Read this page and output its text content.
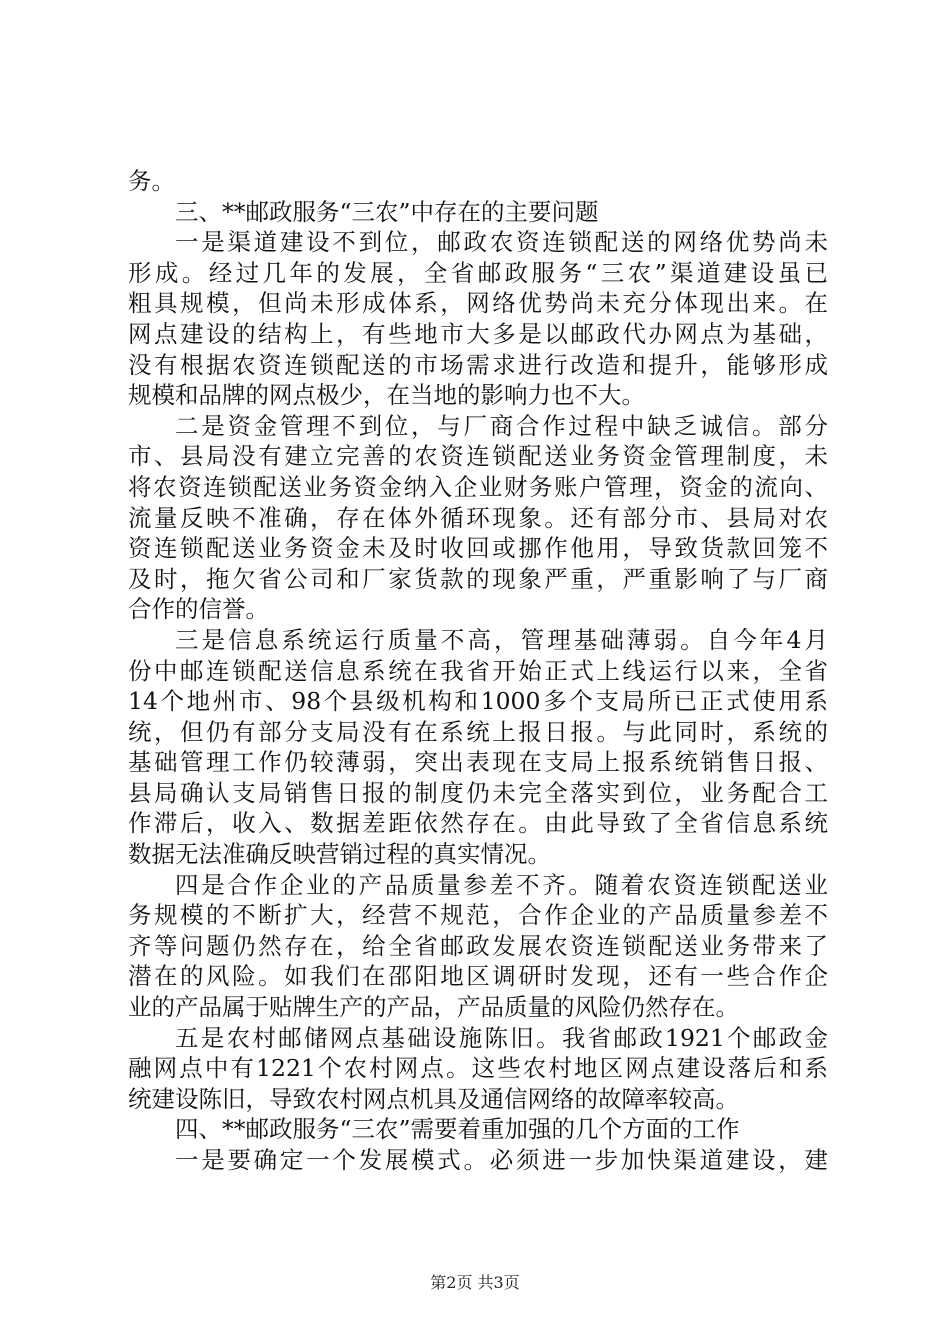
务。
三、**邮政服务“三农”中存在的主要问题
一是渠道建设不到位，邮政农资连锁配送的网络优势尚未
形成。经过几年的发展，全省邮政服务“三农”渠道建设虽已
粗具规模，但尚未形成体系，网络优势尚未充分体现出来。在
网点建设的结构上，有些地市大多是以邮政代办网点为基础，
没有根据农资连锁配送的市场需求进行改造和提升，能够形成
规模和品牌的网点极少，在当地的影响力也不大。
二是资金管理不到位，与厂商合作过程中缺乏诚信。部分
市、县局没有建立完善的农资连锁配送业务资金管理制度，未
将农资连锁配送业务资金纳入企业财务账户管理，资金的流向、
流量反映不准确，存在体外循环现象。还有部分市、县局对农
资连锁配送业务资金未及时收回或挪作他用，导致货款回笼不
及时，拖欠省公司和厂家货款的现象严重，严重影响了与厂商
合作的信誉。
三是信息系统运行质量不高，管理基础薄弱。自今年4月
份中邮连锁配送信息系统在我省开始正式上线运行以来，全省
14个地州市、98个县级机构和1000多个支局所已正式使用系
统，但仍有部分支局没有在系统上报日报。与此同时，系统的
基础管理工作仍较薄弱，突出表现在支局上报系统销售日报、
县局确认支局销售日报的制度仍未完全落实到位，业务配合工
作滞后，收入、数据差距依然存在。由此导致了全省信息系统
数据无法准确反映营销过程的真实情况。
四是合作企业的产品质量参差不齐。随着农资连锁配送业
务规模的不断扩大，经营不规范，合作企业的产品质量参差不
齐等问题仍然存在，给全省邮政发展农资连锁配送业务带来了
潜在的风险。如我们在邵阳地区调研时发现，还有一些合作企
业的产品属于贴牌生产的产品，产品质量的风险仍然存在。
五是农村邮储网点基础设施陈旧。我省邮政1921个邮政金
融网点中有1221个农村网点。这些农村地区网点建设落后和系
统建设陈旧，导致农村网点机具及通信网络的故障率较高。
四、**邮政服务“三农”需要着重加强的几个方面的工作
一是要确定一个发展模式。必须进一步加快渠道建设，建
第2页 共3页
